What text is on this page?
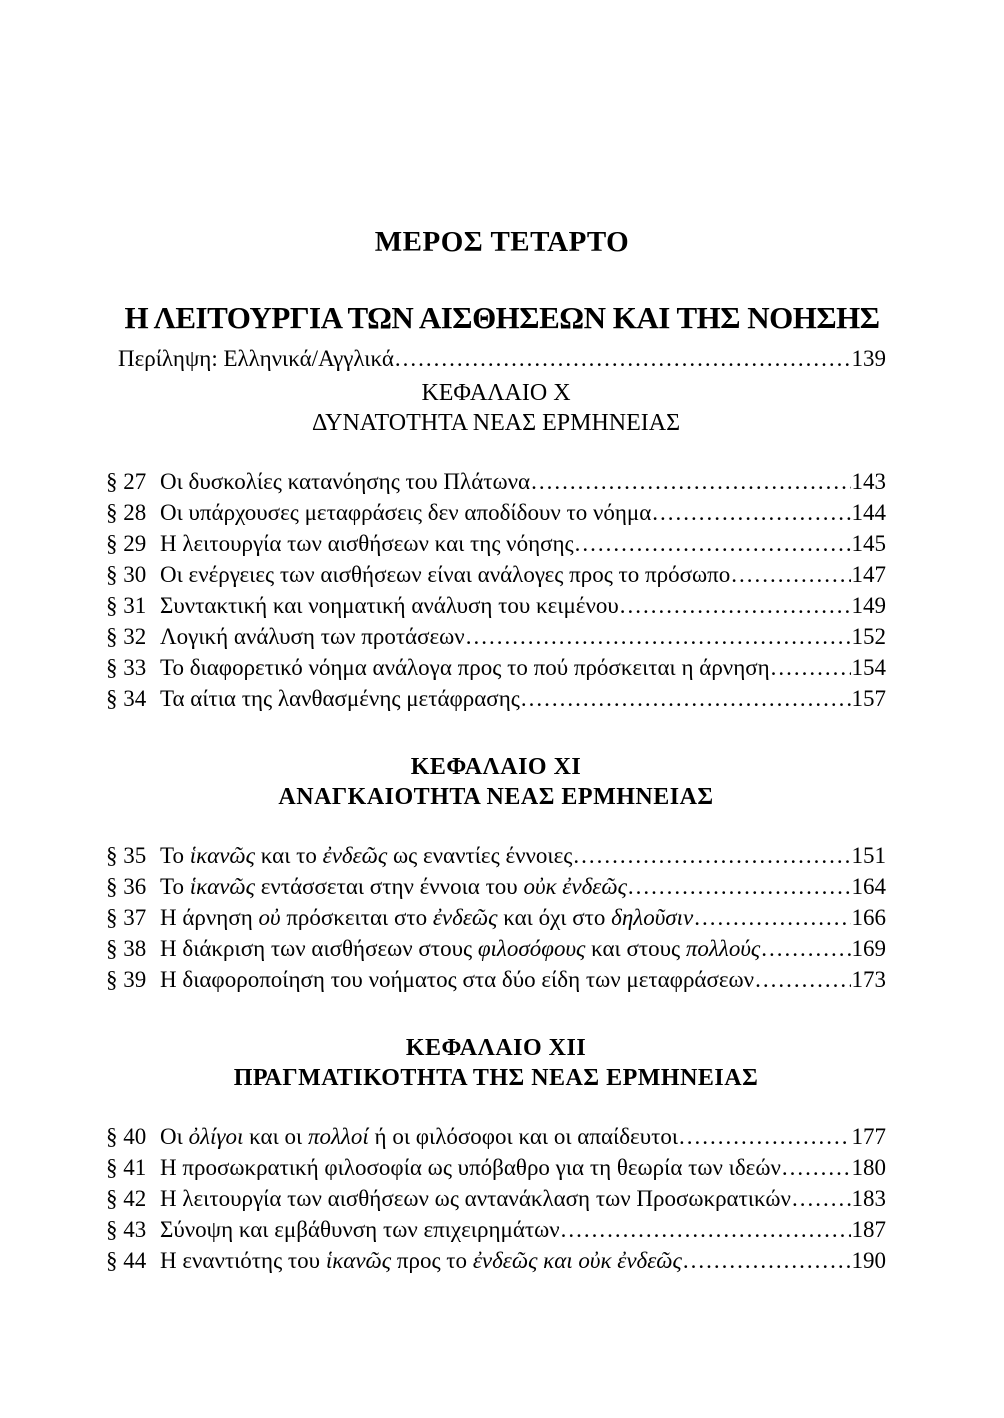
ΜΕΡΟΣ ΤΕΤΑΡΤΟ
Η ΛΕΙΤΟΥΡΓΙΑ ΤΩΝ ΑΙΣΘΗΣΕΩΝ ΚΑΙ ΤΗΣ ΝΟΗΣΗΣ
Περίληψη: Ελληνικά/Αγγλικά .....	139
ΚΕΦΑΛΑΙΟ Χ
ΔΥΝΑΤΟΤΗΤΑ ΝΕΑΣ ΕΡΜΗΝΕΙΑΣ
§ 27 Οι δυσκολίες κατανόησης του Πλάτωνα .....	143
§ 28 Οι υπάρχουσες μεταφράσεις δεν αποδίδουν το νόημα .....	144
§ 29 Η λειτουργία των αισθήσεων και της νόησης .....	145
§ 30 Οι ενέργειες των αισθήσεων είναι ανάλογες προς το πρόσωπο .....	147
§ 31 Συντακτική και νοηματική ανάλυση του κειμένου .....	149
§ 32 Λογική ανάλυση των προτάσεων .....	152
§ 33 Το διαφορετικό νόημα ανάλογα προς το πού πρόσκειται η άρνηση .....	154
§ 34 Τα αίτια της λανθασμένης μετάφρασης .....	157
ΚΕΦΑΛΑΙΟ ΧΙ
ΑΝΑΓΚΑΙΟΤΗΤΑ ΝΕΑΣ ΕΡΜΗΝΕΙΑΣ
§ 35 Το ἱκανῶς και το ἐνδεῶς ως εναντίες έννοιες .....	151
§ 36 Το ἱκανῶς εντάσσεται στην έννοια του οὐκ ἐνδεῶς .....	164
§ 37 Η άρνηση οὐ πρόσκειται στο ἐνδεῶς και όχι στο δηλοῦσιν .....	166
§ 38 Η διάκριση των αισθήσεων στους φιλοσόφους και στους πολλούς .....	169
§ 39 Η διαφοροποίηση του νοήματος στα δύο είδη των μεταφράσεων .....	173
ΚΕΦΑΛΑΙΟ ΧΙΙ
ΠΡΑΓΜΑΤΙΚΟΤΗΤΑ ΤΗΣ ΝΕΑΣ ΕΡΜΗΝΕΙΑΣ
§ 40 Οι ὀλίγοι και οι πολλοί ή οι φιλόσοφοι και οι απαίδευτοι .....	177
§ 41 Η προσωκρατική φιλοσοφία ως υπόβαθρο για τη θεωρία των ιδεών .....	180
§ 42 Η λειτουργία των αισθήσεων ως αντανάκλαση των Προσωκρατικών .....	183
§ 43 Σύνοψη και εμβάθυνση των επιχειρημάτων .....	187
§ 44 Η εναντιότης του ἱκανῶς προς το ἐνδεῶς και οὐκ ἐνδεῶς .....	190
